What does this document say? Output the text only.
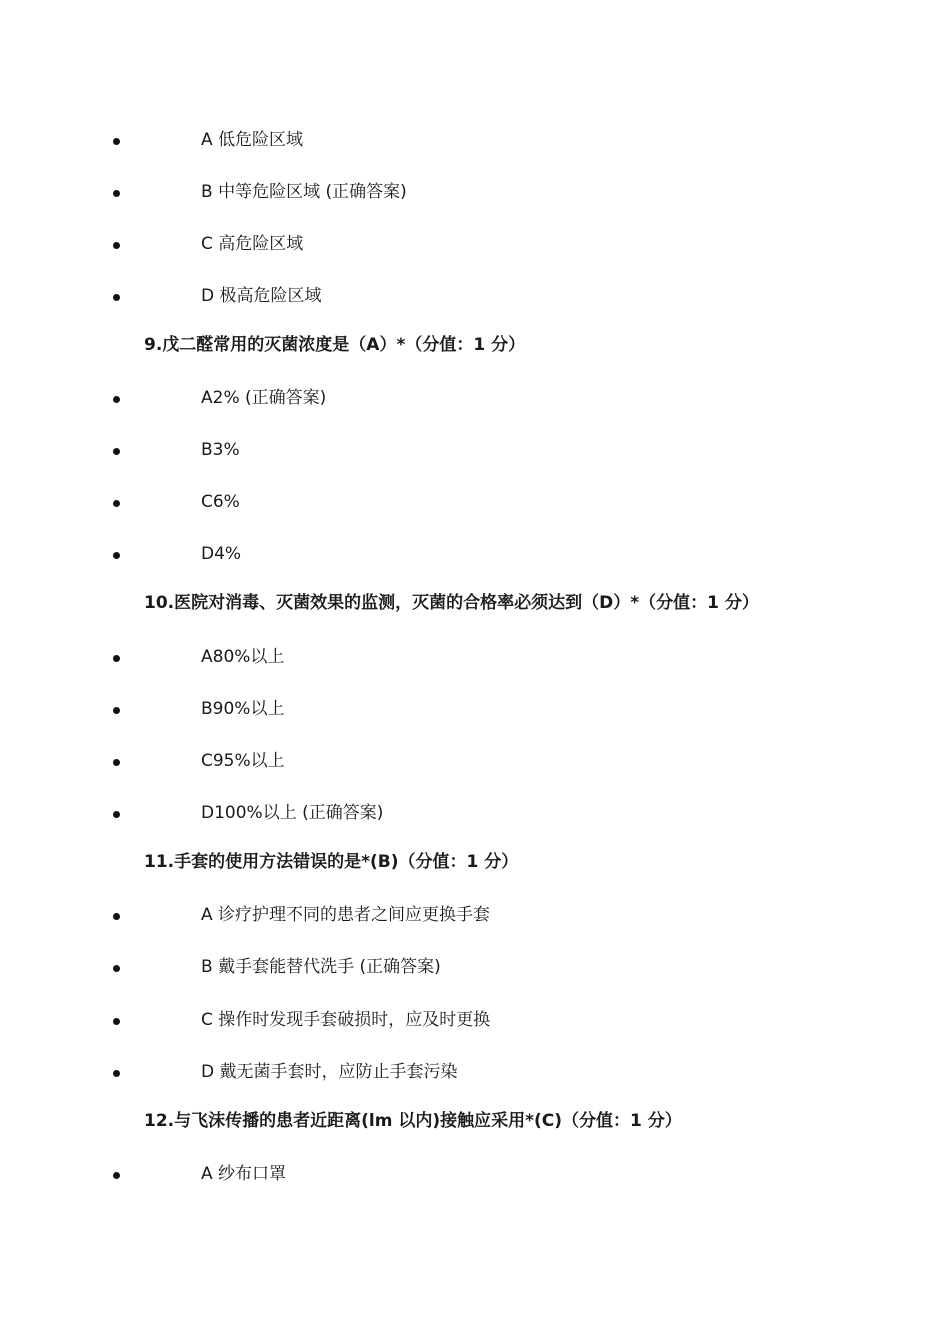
A 低危险区域
B 中等危险区域 (正确答案)
C 高危险区域
D 极高危险区域
9.戊二醛常用的灭菌浓度是（A）*（分值：1 分）
A2% (正确答案)
B3%
C6%
D4%
10.医院对消毒、灭菌效果的监测，灭菌的合格率必须达到（D）*（分值：1 分）
A80%以上
B90%以上
C95%以上
D100%以上 (正确答案)
11.手套的使用方法错误的是*(B)（分值：1 分）
A 诊疗护理不同的患者之间应更换手套
B 戴手套能替代洗手 (正确答案)
C 操作时发现手套破损时，应及时更换
D 戴无菌手套时，应防止手套污染
12.与飞沫传播的患者近距离(lm 以内)接触应采用*(C)（分值：1 分）
A 纱布口罩
